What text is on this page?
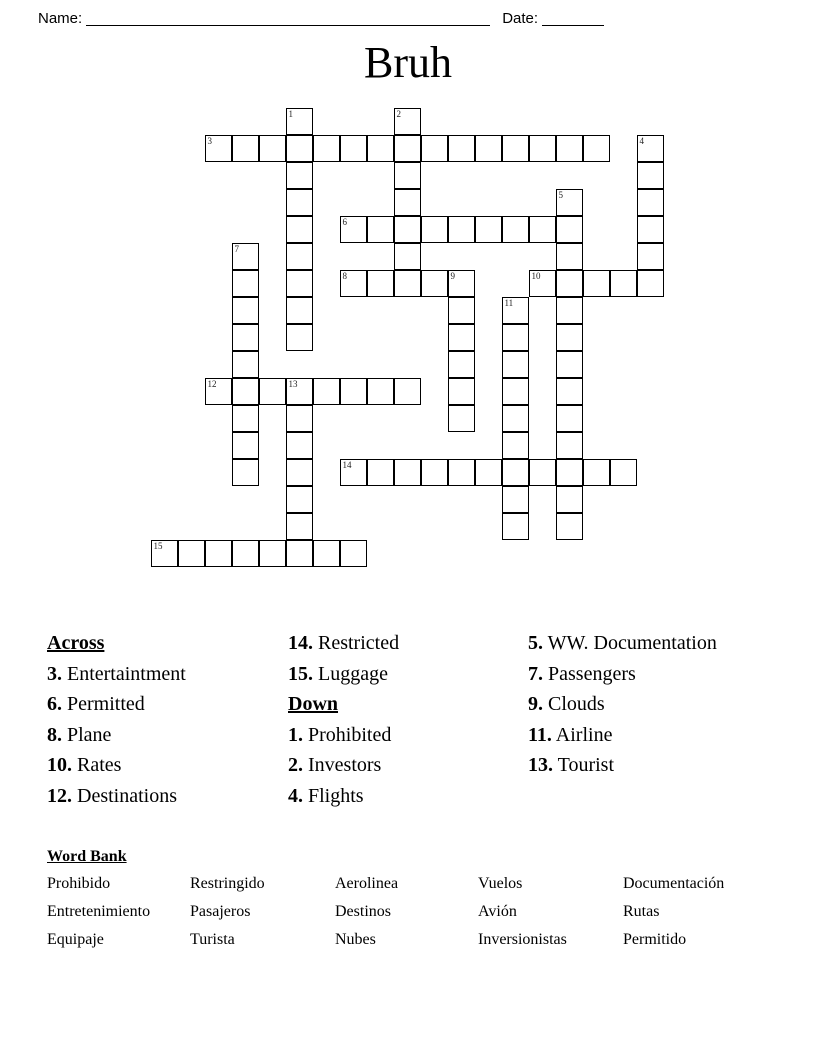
Name:	Date:
Bruh
1	2
3	4
5
6
7
8	9	10
11
12	13
14
15
Across
3. Entertaintment
6. Permitted
8. Plane
10. Rates
12. Destinations
14. Restricted
15. Luggage
Down
1. Prohibited
2. Investors
4. Flights
5. WW. Documentation
7. Passengers
9. Clouds
11. Airline
13. Tourist
Word Bank
Prohibido	Restringido	Aerolinea	Vuelos	Documentación
Entretenimiento	Pasajeros	Destinos	Avión	Rutas
Equipaje	Turista	Nubes	Inversionistas	Permitido
